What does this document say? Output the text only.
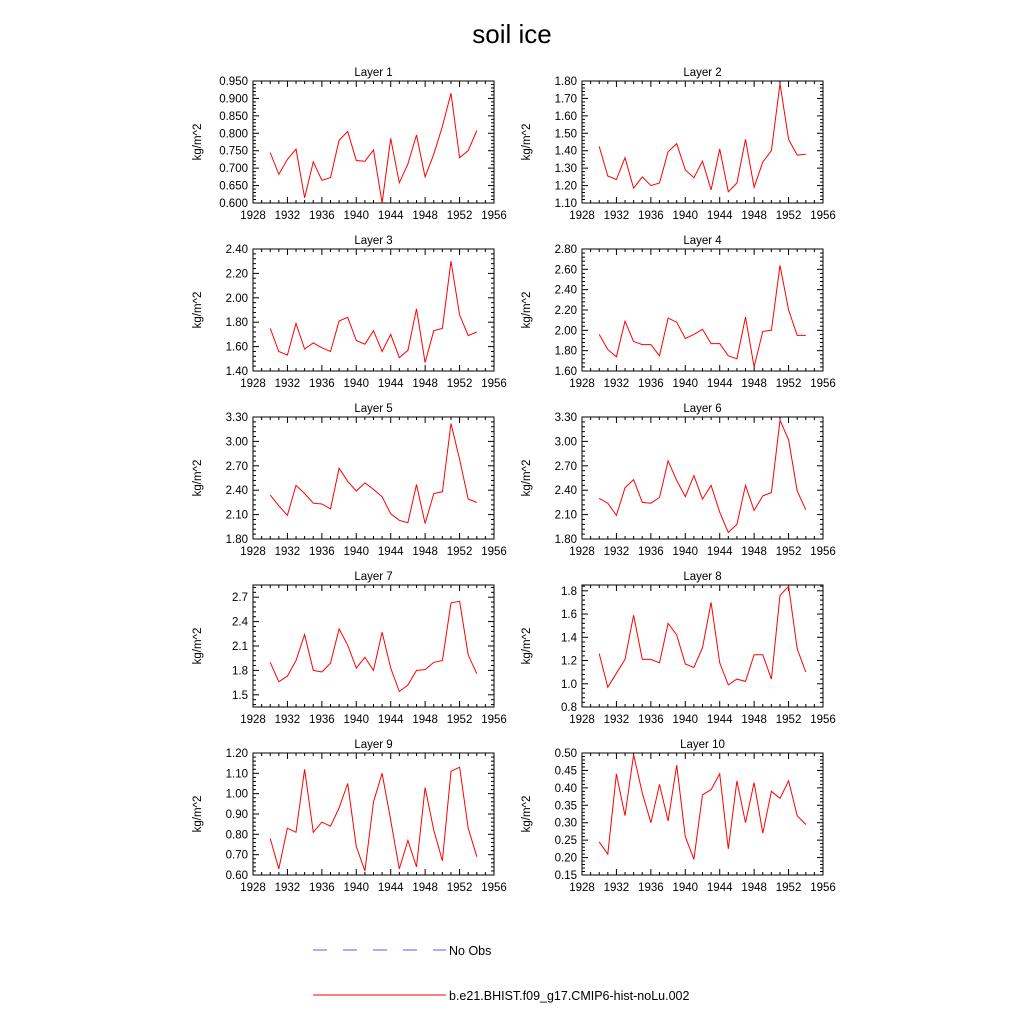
soil ice
Layer 1
kg/m^2
1928 1932 1936 1940 1944 1948 1952 1956
0.600
0.650
0.700
0.750
0.800
0.850
0.900
0.950
Layer 2
kg/m^2
1928 1932 1936 1940 1944 1948 1952 1956
1.10
1.20
1.30
1.40
1.50
1.60
1.70
1.80
Layer 3
kg/m^2
1928 1932 1936 1940 1944 1948 1952 1956
1.40
1.60
1.80
2.00
2.20
2.40
Layer 4
kg/m^2
1928 1932 1936 1940 1944 1948 1952 1956
1.60
1.80
2.00
2.20
2.40
2.60
2.80
Layer 5
kg/m^2
1928 1932 1936 1940 1944 1948 1952 1956
1.80
2.10
2.40
2.70
3.00
3.30
Layer 6
kg/m^2
1928 1932 1936 1940 1944 1948 1952 1956
1.80
2.10
2.40
2.70
3.00
3.30
Layer 7
kg/m^2
1928 1932 1936 1940 1944 1948 1952 1956
1.5
1.8
2.1
2.4
2.7
Layer 8
kg/m^2
1928 1932 1936 1940 1944 1948 1952 1956
0.8
1.0
1.2
1.4
1.6
1.8
Layer 9
kg/m^2
1928 1932 1936 1940 1944 1948 1952 1956
0.60
0.70
0.80
0.90
1.00
1.10
1.20
Layer 10
kg/m^2
1928 1932 1936 1940 1944 1948 1952 1956
0.15
0.20
0.25
0.30
0.35
0.40
0.45
0.50
No Obs
b.e21.BHIST.f09_g17.CMIP6-hist-noLu.002
